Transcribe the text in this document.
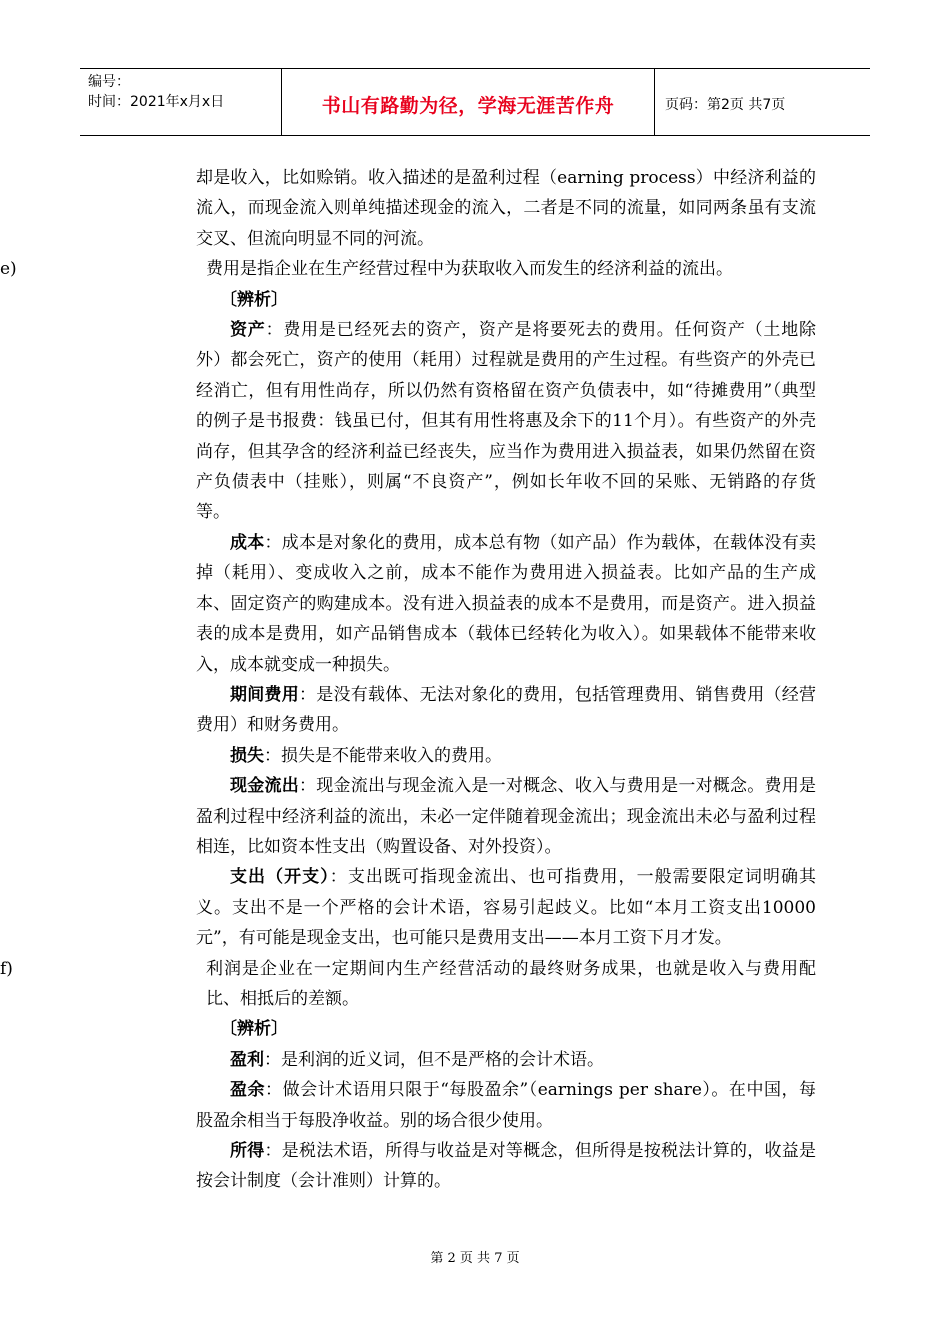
编号：
时间：2021年x月x日	书山有路勤为径，学海无涯苦作舟	页码：第2页 共7页

却是收入，比如赊销。收入描述的是盈利过程（earning process）中经济利益的流入，而现金流入则单纯描述现金的流入，二者是不同的流量，如同两条虽有支流交叉、但流向明显不同的河流。

e)	费用是指企业在生产经营过程中为获取收入而发生的经济利益的流出。

〔辨析〕

资产：费用是已经死去的资产，资产是将要死去的费用。任何资产（土地除外）都会死亡，资产的使用（耗用）过程就是费用的产生过程。有些资产的外壳已经消亡，但有用性尚存，所以仍然有资格留在资产负债表中，如“待摊费用”（典型的例子是书报费：钱虽已付，但其有用性将惠及余下的11个月）。有些资产的外壳尚存，但其孕含的经济利益已经丧失，应当作为费用进入损益表，如果仍然留在资产负债表中（挂账），则属“不良资产”，例如长年收不回的呆账、无销路的存货等。

成本：成本是对象化的费用，成本总有物（如产品）作为载体，在载体没有卖掉（耗用）、变成收入之前，成本不能作为费用进入损益表。比如产品的生产成本、固定资产的购建成本。没有进入损益表的成本不是费用，而是资产。进入损益表的成本是费用，如产品销售成本（载体已经转化为收入）。如果载体不能带来收入，成本就变成一种损失。

期间费用：是没有载体、无法对象化的费用，包括管理费用、销售费用（经营费用）和财务费用。

损失：损失是不能带来收入的费用。

现金流出：现金流出与现金流入是一对概念、收入与费用是一对概念。费用是盈利过程中经济利益的流出，未必一定伴随着现金流出；现金流出未必与盈利过程相连，比如资本性支出（购置设备、对外投资）。

支出（开支）：支出既可指现金流出、也可指费用，一般需要限定词明确其义。支出不是一个严格的会计术语，容易引起歧义。比如“本月工资支出10000元”，有可能是现金支出，也可能只是费用支出——本月工资下月才发。

f)	利润是企业在一定期间内生产经营活动的最终财务成果，也就是收入与费用配比、相抵后的差额。

〔辨析〕

盈利：是利润的近义词，但不是严格的会计术语。

盈余：做会计术语用只限于“每股盈余”（earnings per share）。在中国，每股盈余相当于每股净收益。别的场合很少使用。

所得：是税法术语，所得与收益是对等概念，但所得是按税法计算的，收益是按会计制度（会计准则）计算的。

第 2 页 共 7 页
